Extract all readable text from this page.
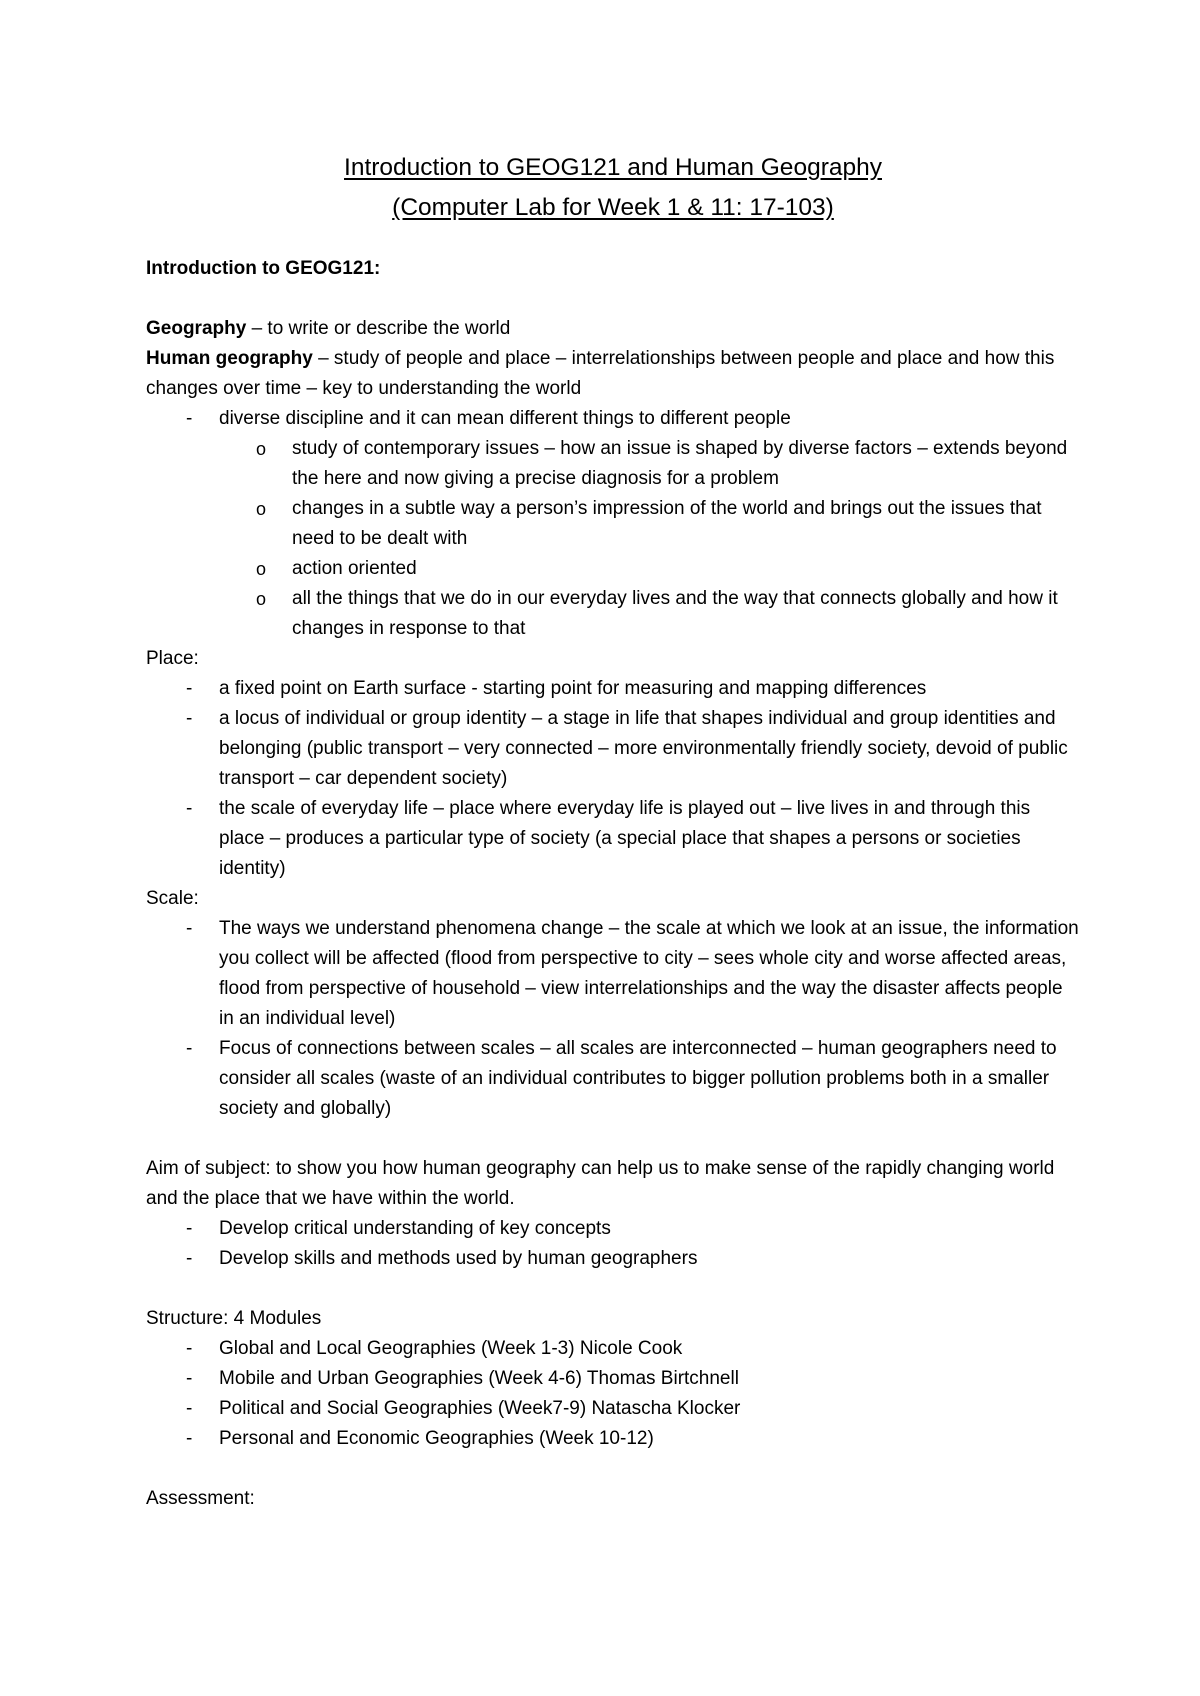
Introduction to GEOG121 and Human Geography
(Computer Lab for Week 1 & 11: 17-103)

Introduction to GEOG121:

Geography – to write or describe the world

Human geography – study of people and place – interrelationships between people and place and how this changes over time – key to understanding the world

-	diverse discipline and it can mean different things to different people
o	study of contemporary issues – how an issue is shaped by diverse factors – extends beyond the here and now giving a precise diagnosis for a problem
o	changes in a subtle way a person’s impression of the world and brings out the issues that need to be dealt with
o	action oriented
o	all the things that we do in our everyday lives and the way that connects globally and how it changes in response to that

Place:

-	a fixed point on Earth surface - starting point for measuring and mapping differences
-	a locus of individual or group identity – a stage in life that shapes individual and group identities and belonging (public transport – very connected – more environmentally friendly society, devoid of public transport – car dependent society)
-	the scale of everyday life – place where everyday life is played out – live lives in and through this place – produces a particular type of society (a special place that shapes a persons or societies identity)

Scale:

-	The ways we understand phenomena change – the scale at which we look at an issue, the information you collect will be affected (flood from perspective to city – sees whole city and worse affected areas, flood from perspective of household – view interrelationships and the way the disaster affects people in an individual level)
-	Focus of connections between scales – all scales are interconnected – human geographers need to consider all scales (waste of an individual contributes to bigger pollution problems both in a smaller society and globally)

Aim of subject: to show you how human geography can help us to make sense of the rapidly changing world and the place that we have within the world.

-	Develop critical understanding of key concepts
-	Develop skills and methods used by human geographers

Structure: 4 Modules

-	Global and Local Geographies (Week 1-3) Nicole Cook
-	Mobile and Urban Geographies (Week 4-6) Thomas Birtchnell
-	Political and Social Geographies (Week7-9) Natascha Klocker
-	Personal and Economic Geographies (Week 10-12)

Assessment:
